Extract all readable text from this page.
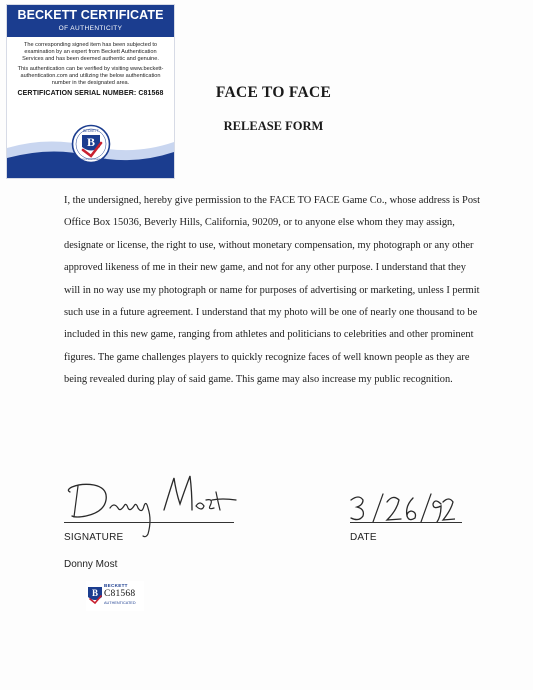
BECKETT CERTIFICATE
OF AUTHENTICITY

The corresponding signed item has been subjected to examination by an expert from Beckett Authentication Services and has been deemed authentic and genuine.

This authentication can be verified by visiting www.beckett-authentication.com and utilizing the below authentication number in the designated area.

CERTIFICATION SERIAL NUMBER: C81568
B
BECKETT
AUTHENTICATION SERVICES
FACE TO FACE
RELEASE FORM

I, the undersigned, hereby give permission to the FACE TO FACE Game Co., whose address is Post Office Box 15036, Beverly Hills, California, 90209, or to anyone else whom they may assign, designate or license, the right to use, without monetary compensation, my photograph or any other approved likeness of me in their new game, and not for any other purpose. I understand that they will in no way use my photograph or name for purposes of advertising or marketing, unless I permit such use in a future agreement. I understand that my photo will be one of nearly one thousand to be included in this new game, ranging from athletes and politicians to celebrities and other prominent figures. The game challenges players to quickly recognize faces of well known people as they are being revealed during play of said game. This game may also increase my public recognition.

SIGNATURE	DATE
Donny Most
B
BECKETT
C81568
AUTHENTICATED
